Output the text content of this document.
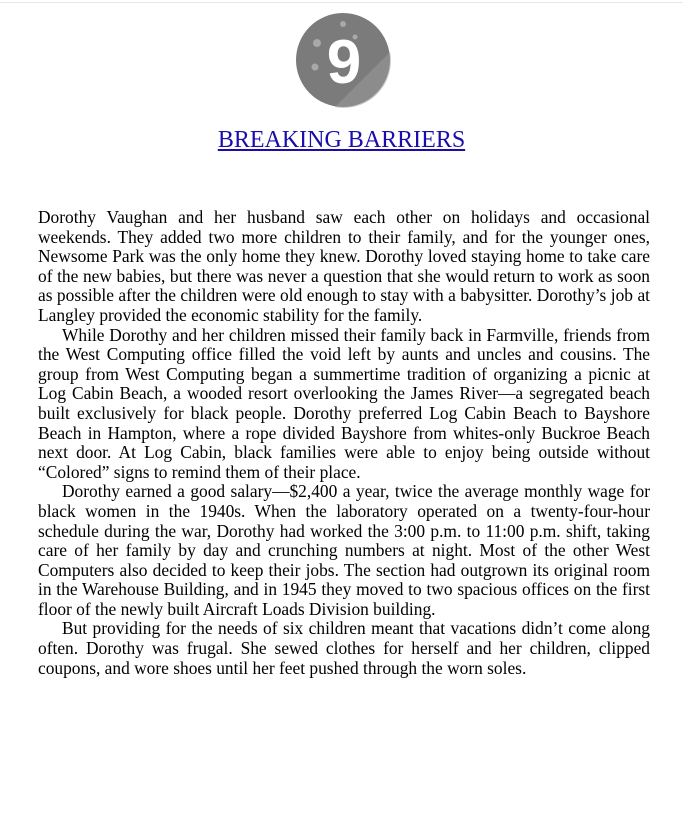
9
BREAKING BARRIERS

Dorothy Vaughan and her husband saw each other on holidays and occasional weekends. They added two more children to their family, and for the younger ones, Newsome Park was the only home they knew. Dorothy loved staying home to take care of the new babies, but there was never a question that she would return to work as soon as possible after the children were old enough to stay with a babysitter. Dorothy’s job at Langley provided the economic stability for the family.

While Dorothy and her children missed their family back in Farmville, friends from the West Computing office filled the void left by aunts and uncles and cousins. The group from West Computing began a summertime tradition of organizing a picnic at Log Cabin Beach, a wooded resort overlooking the James River—a segregated beach built exclusively for black people. Dorothy preferred Log Cabin Beach to Bayshore Beach in Hampton, where a rope divided Bayshore from whites-only Buckroe Beach next door. At Log Cabin, black families were able to enjoy being outside without “Colored” signs to remind them of their place.

Dorothy earned a good salary—$2,400 a year, twice the average monthly wage for black women in the 1940s. When the laboratory operated on a twenty-four-hour schedule during the war, Dorothy had worked the 3:00 p.m. to 11:00 p.m. shift, taking care of her family by day and crunching numbers at night. Most of the other West Computers also decided to keep their jobs. The section had outgrown its original room in the Warehouse Building, and in 1945 they moved to two spacious offices on the first floor of the newly built Aircraft Loads Division building.

But providing for the needs of six children meant that vacations didn’t come along often. Dorothy was frugal. She sewed clothes for herself and her children, clipped coupons, and wore shoes until her feet pushed through the worn soles.
